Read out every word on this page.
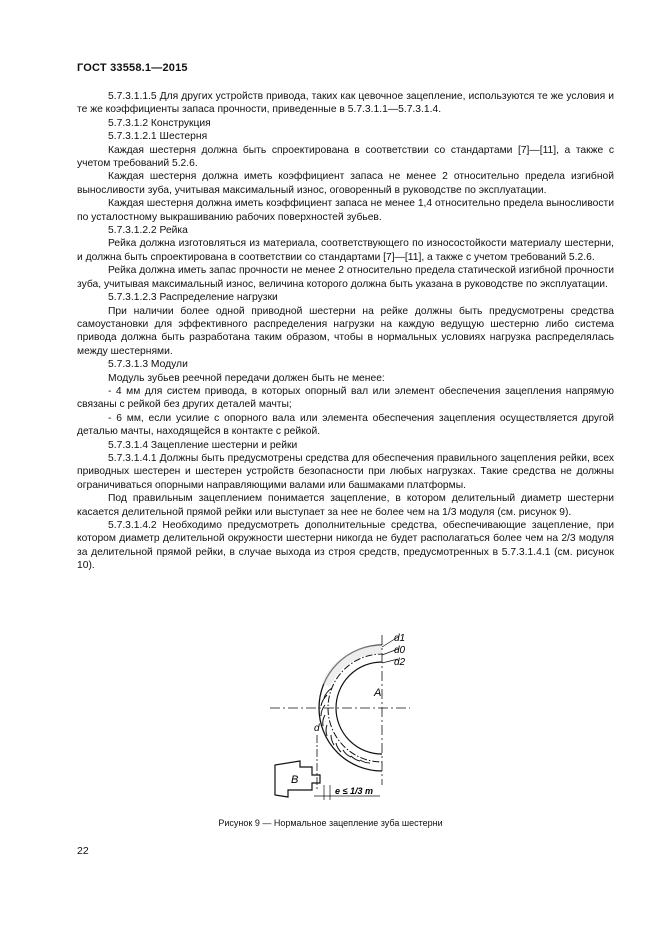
ГОСТ 33558.1—2015

5.7.3.1.1.5 Для других устройств привода, таких как цевочное зацепление, используются те же условия и те же коэффициенты запаса прочности, приведенные в 5.7.3.1.1—5.7.3.1.4.

5.7.3.1.2 Конструкция

5.7.3.1.2.1 Шестерня

Каждая шестерня должна быть спроектирована в соответствии со стандартами [7]—[11], а также с учетом требований 5.2.6.

Каждая шестерня должна иметь коэффициент запаса не менее 2 относительно предела изгибной выносливости зуба, учитывая максимальный износ, оговоренный в руководстве по эксплуатации.

Каждая шестерня должна иметь коэффициент запаса не менее 1,4 относительно предела выносливости по усталостному выкрашиванию рабочих поверхностей зубьев.

5.7.3.1.2.2 Рейка

Рейка должна изготовляться из материала, соответствующего по износостойкости материалу шестерни, и должна быть спроектирована в соответствии со стандартами [7]—[11], а также с учетом требований 5.2.6.

Рейка должна иметь запас прочности не менее 2 относительно предела статической изгибной прочности зуба, учитывая максимальный износ, величина которого должна быть указана в руководстве по эксплуатации.

5.7.3.1.2.3 Распределение нагрузки

При наличии более одной приводной шестерни на рейке должны быть предусмотрены средства самоустановки для эффективного распределения нагрузки на каждую ведущую шестерню либо система привода должна быть разработана таким образом, чтобы в нормальных условиях нагрузка распределялась между шестернями.

5.7.3.1.3 Модули

Модуль зубьев реечной передачи должен быть не менее:

- 4 мм для систем привода, в которых опорный вал или элемент обеспечения зацепления напрямую связаны с рейкой без других деталей мачты;

- 6 мм, если усилие с опорного вала или элемента обеспечения зацепления осуществляется другой деталью мачты, находящейся в контакте с рейкой.

5.7.3.1.4 Зацепление шестерни и рейки

5.7.3.1.4.1 Должны быть предусмотрены средства для обеспечения правильного зацепления рейки, всех приводных шестерен и шестерен устройств безопасности при любых нагрузках. Такие средства не должны ограничиваться опорными направляющими валами или башмаками платформы.

Под правильным зацеплением понимается зацепление, в котором делительный диаметр шестерни касается делительной прямой рейки или выступает за нее не более чем на 1/3 модуля (см. рисунок 9).

5.7.3.1.4.2 Необходимо предусмотреть дополнительные средства, обеспечивающие зацепление, при котором диаметр делительной окружности шестерни никогда не будет располагаться более чем на 2/3 модуля за делительной прямой рейки, в случае выхода из строя средств, предусмотренных в 5.7.3.1.4.1 (см. рисунок 10).

d1
d0
d2
A
d
B
e ≤ 1/3 m
Рисунок 9 — Нормальное зацепление зуба шестерни
22
